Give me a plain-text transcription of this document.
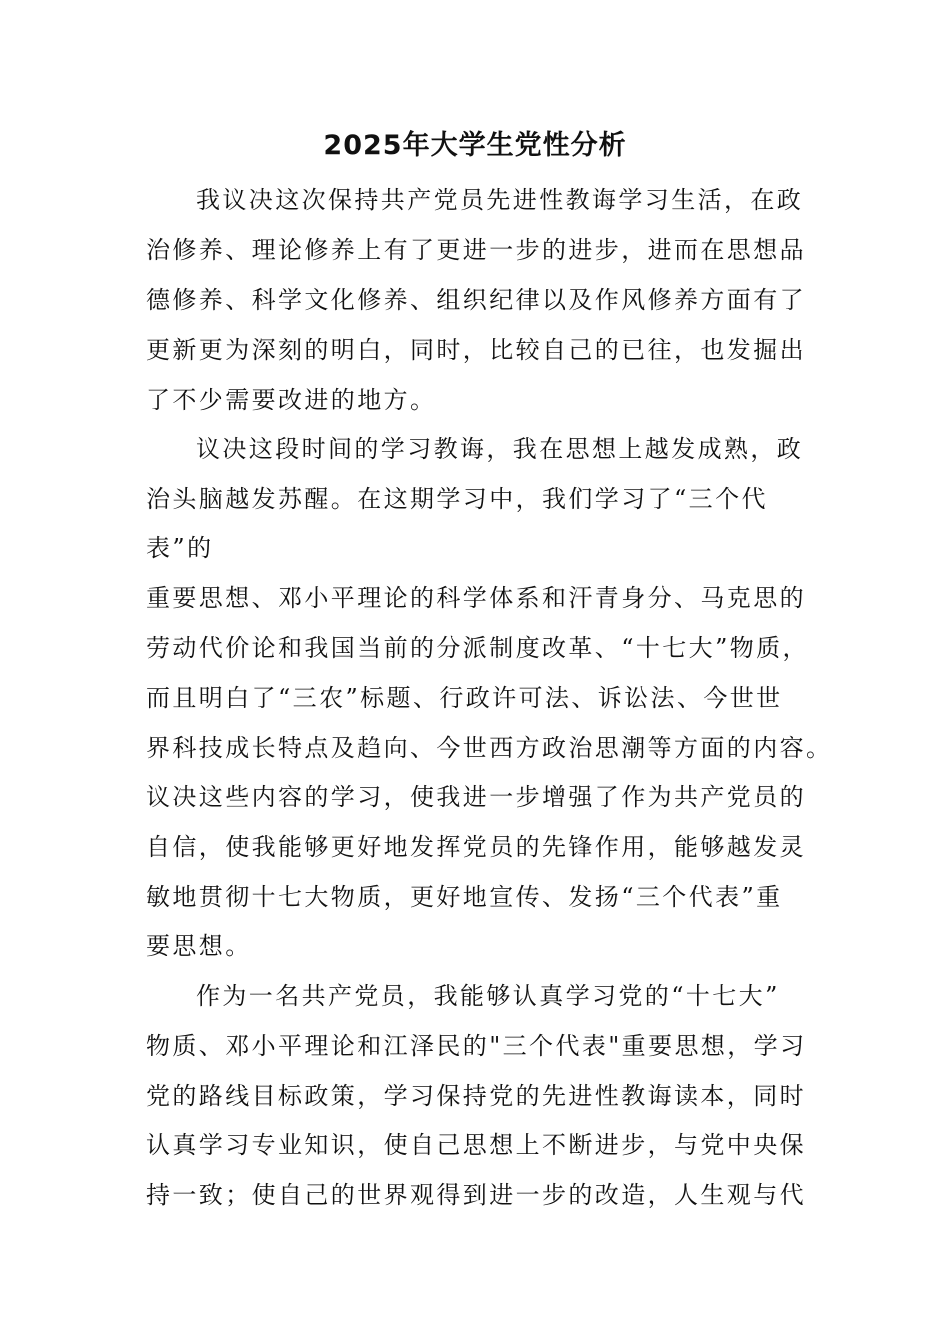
2025年大学生党性分析
我议决这次保持共产党员先进性教诲学习生活，在政
治修养、理论修养上有了更进一步的进步，进而在思想品
德修养、科学文化修养、组织纪律以及作风修养方面有了
更新更为深刻的明白，同时，比较自己的已往，也发掘出
了不少需要改进的地方。
议决这段时间的学习教诲，我在思想上越发成熟，政
治头脑越发苏醒。在这期学习中，我们学习了“三个代
表”的
重要思想、邓小平理论的科学体系和汗青身分、马克思的
劳动代价论和我国当前的分派制度改革、“十七大”物质，
而且明白了“三农”标题、行政许可法、诉讼法、今世世
界科技成长特点及趋向、今世西方政治思潮等方面的内容。
议决这些内容的学习，使我进一步增强了作为共产党员的
自信，使我能够更好地发挥党员的先锋作用，能够越发灵
敏地贯彻十七大物质，更好地宣传、发扬“三个代表”重
要思想。
作为一名共产党员，我能够认真学习党的“十七大”
物质、邓小平理论和江泽民的"三个代表"重要思想，学习
党的路线目标政策，学习保持党的先进性教诲读本，同时
认真学习专业知识，使自己思想上不断进步，与党中央保
持一致；使自己的世界观得到进一步的改造，人生观与代
